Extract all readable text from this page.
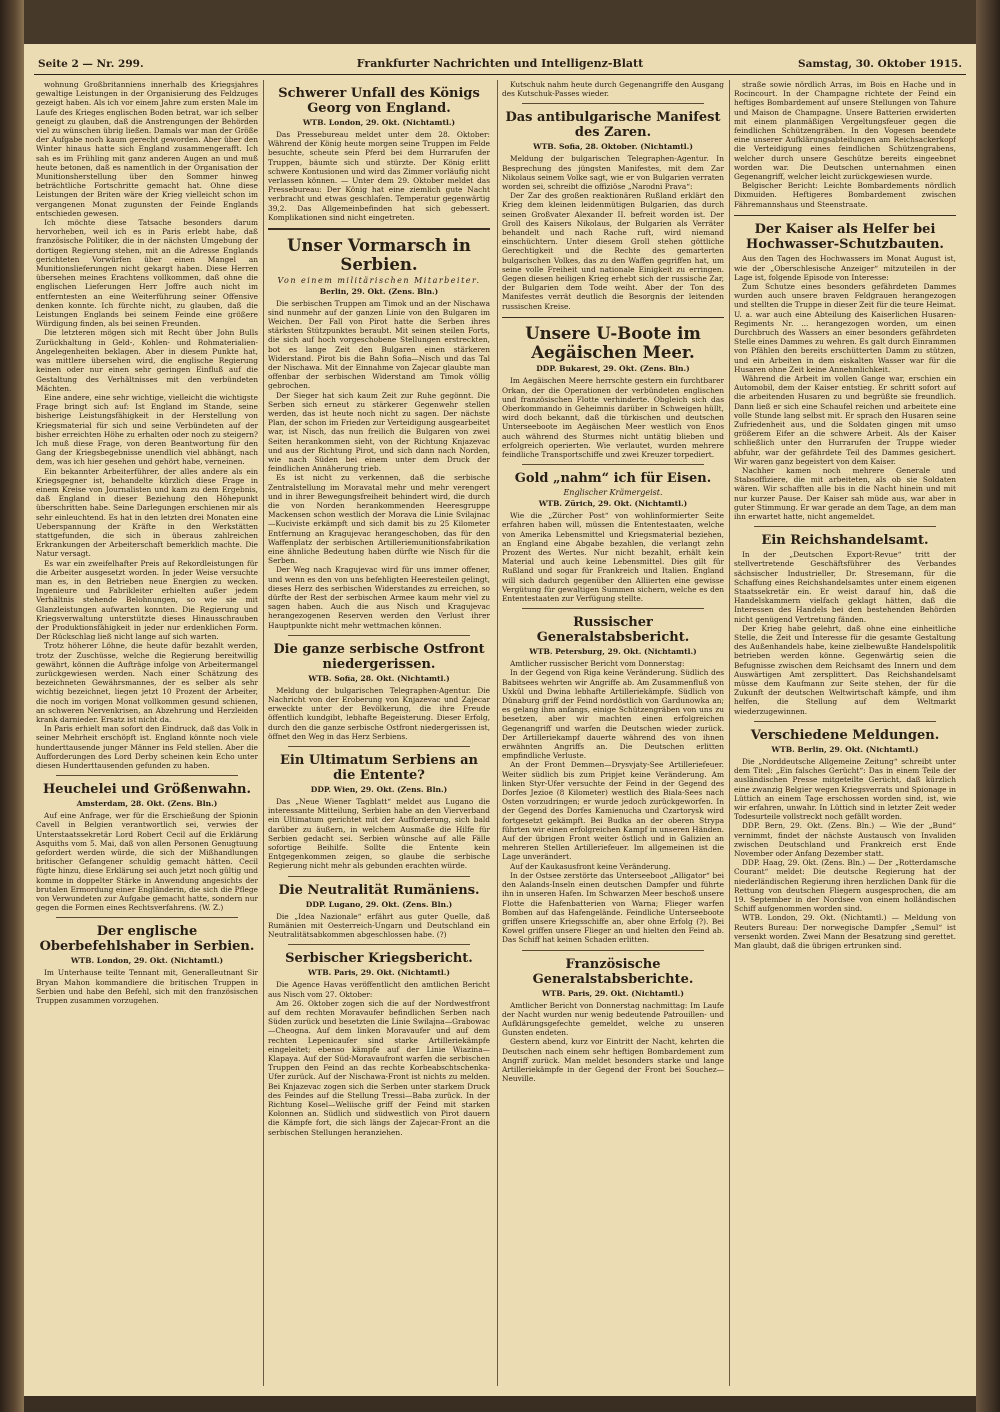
Seite 2 — Nr. 299.	Frankfurter Nachrichten und Intelligenz-Blatt	Samstag, 30. Oktober 1915.

wohnung Großbritanniens innerhalb des Kriegsjahres gewaltige Leistungen in der Organisierung des Feldzuges gezeigt haben. Als ich vor einem Jahre zum ersten Male im Laufe des Krieges englischen Boden betrat, war ich selber geneigt zu glauben, daß die Anstrengungen der Behörden viel zu wünschen übrig ließen. Damals war man der Größe der Aufgabe noch kaum gerecht geworden. Aber über den Winter hinaus hatte sich England zusammengerafft. Ich sah es im Frühling mit ganz anderen Augen an und muß heute betonen, daß es namentlich in der Organisation der Munitionsherstellung über den Sommer hinweg beträchtliche Fortschritte gemacht hat. Ohne diese Leistungen der Briten wäre der Krieg vielleicht schon im vergangenen Monat zugunsten der Feinde Englands entschieden gewesen.

Ich möchte diese Tatsache besonders darum hervorheben, weil ich es in Paris erlebt habe, daß französische Politiker, die in der nächsten Umgebung der dortigen Regierung stehen, mit an die Adresse Englands gerichteten Vorwürfen über einen Mangel an Munitionslieferungen nicht gekargt haben. Diese Herren übersehen meines Erachtens vollkommen, daß ohne die englischen Lieferungen Herr Joffre auch nicht im entferntesten an eine Weiterführung seiner Offensive denken konnte. Ich fürchte nicht, zu glauben, daß die Leistungen Englands bei seinem Feinde eine größere Würdigung finden, als bei seinen Freunden.

Die letzteren mögen sich mit Recht über John Bulls Zurückhaltung in Geld-, Kohlen- und Rohmaterialien-Angelegenheiten beklagen. Aber in diesem Punkte hat, was mittlere übersehen wird, die englische Regierung keinen oder nur einen sehr geringen Einfluß auf die Gestaltung des Verhältnisses mit den verbündeten Mächten.

Eine andere, eine sehr wichtige, vielleicht die wichtigste Frage bringt sich auf: Ist England im Stande, seine bisherige Leistungsfähigkeit in der Herstellung von Kriegsmaterial für sich und seine Verbündeten auf der bisher erreichten Höhe zu erhalten oder noch zu steigern? Ich muß diese Frage, von deren Beantwortung für den Gang der Kriegsbegebnisse unendlich viel abhängt, nach dem, was ich hier gesehen und gehört habe, verneinen.

Ein bekannter Arbeiterführer, der alles andere als ein Kriegsgegner ist, behandelte kürzlich diese Frage in einem Kreise von Journalisten und kam zu dem Ergebnis, daß England in dieser Beziehung den Höhepunkt überschritten habe. Seine Darlegungen erschienen mir als sehr einleuchtend. Es hat in den letzten drei Monaten eine Ueberspannung der Kräfte in den Werkstätten stattgefunden, die sich in überaus zahlreichen Erkrankungen der Arbeiterschaft bemerklich machte. Die Natur versagt.

Es war ein zweifelhafter Preis auf Rekordleistungen für die Arbeiter ausgesetzt worden. In jeder Weise versuchte man es, in den Betrieben neue Energien zu wecken. Ingenieure und Fabrikleiter erhielten außer jedem Verhältnis stehende Belohnungen, so wie sie mit Glanzleistungen aufwarten konnten. Die Regierung und Kriegsverwaltung unterstützte dieses Hinausschrauben der Produktionsfähigkeit in jeder nur erdenklichen Form. Der Rückschlag ließ nicht lange auf sich warten.

Trotz höherer Löhne, die heute dafür bezahlt werden, trotz der Zuschüsse, welche die Regierung bereitwillig gewährt, können die Aufträge infolge von Arbeitermangel zurückgewiesen werden. Nach einer Schätzung des bezeichneten Gewährsmannes, der es selber als sehr wichtig bezeichnet, liegen jetzt 10 Prozent der Arbeiter, die noch im vorigen Monat vollkommen gesund schienen, an schweren Nervenkrisen, an Abzehrung und Herzleiden krank darnieder. Ersatz ist nicht da.

In Paris erhielt man sofort den Eindruck, daß das Volk in seiner Mehrheit erschöpft ist. England könnte noch viele hunderttausende junger Männer ins Feld stellen. Aber die Aufforderungen des Lord Derby scheinen kein Echo unter diesen Hunderttausenden gefunden zu haben.

Heuchelei und Größenwahn.
Amsterdam, 28. Okt. (Zens. Bln.)

Auf eine Anfrage, wer für die Erschießung der Spionin Cavell in Belgien verantwortlich sei, verwies der Unterstaatssekretär Lord Robert Cecil auf die Erklärung Asquiths vom 5. Mai, daß von allen Personen Genugtuung gefordert werden würde, die sich der Mißhandlungen britischer Gefangener schuldig gemacht hätten. Cecil fügte hinzu, diese Erklärung sei auch jetzt noch gültig und komme in doppelter Stärke in Anwendung angesichts der brutalen Ermordung einer Engländerin, die sich die Pflege von Verwundeten zur Aufgabe gemacht hatte, sondern nur gegen die Formen eines Rechtsverfahrens. (W. Z.)

Der englische Oberbefehlshaber in Serbien.
WTB. London, 29. Okt. (Nichtamtl.)

Im Unterhause teilte Tennant mit, Generalleutnant Sir Bryan Mahon kommandiere die britischen Truppen in Serbien und habe den Befehl, sich mit den französischen Truppen zusammen vorzugehen.

Schwerer Unfall des Königs Georg von England.
WTB. London, 29. Okt. (Nichtamtl.)

Das Pressebureau meldet unter dem 28. Oktober: Während der König heute morgen seine Truppen im Felde besuchte, scheute sein Pferd bei dem Hurrarufen der Truppen, bäumte sich und stürzte. Der König erlitt schwere Kontusionen und wird das Zimmer vorläufig nicht verlassen können. — Unter dem 29. Oktober meldet das Pressebureau: Der König hat eine ziemlich gute Nacht verbracht und etwas geschlafen. Temperatur gegenwärtig 39,2. Das Allgemeinbefinden hat sich gebessert. Komplikationen sind nicht eingetreten.

Unser Vormarsch in Serbien.
Von einem militärischen Mitarbeiter.
Berlin, 29. Okt. (Zens. Bln.)

Die serbischen Truppen am Timok und an der Nischawa sind nunmehr auf der ganzen Linie von den Bulgaren im Weichen. Der Fall von Pirot hatte die Serben ihres stärksten Stützpunktes beraubt. Mit seinen steilen Forts, die sich auf hoch vorgeschobene Stellungen erstreckten, bot es lange Zeit den Bulgaren einen stärkeren Widerstand. Pirot bis die Bahn Sofia—Nisch und das Tal der Nischawa. Mit der Einnahme von Zajecar glaubte man offenbar der serbischen Widerstand am Timok völlig gebrochen.

Der Sieger hat sich kaum Zeit zur Ruhe gegönnt. Die Serben sich erneut zu stärkerer Gegenwehr stellen werden, das ist heute noch nicht zu sagen. Der nächste Plan, der schon im Frieden zur Verteidigung ausgearbeitet war, ist Nisch, das nun freilich die Bulgaren von zwei Seiten herankommen sieht, von der Richtung Knjazevac und aus der Richtung Pirot, und sich dann nach Norden, wie nach Süden bei einem unter dem Druck der feindlichen Annäherung trieb.

Es ist nicht zu verkennen, daß die serbische Zentralstellung im Moravatal mehr und mehr verengert und in ihrer Bewegungsfreiheit behindert wird, die durch die von Norden herankommenden Heeresgruppe Mackensen schon westlich der Morava die Linie Svilajnac—Kuciviste erkämpft und sich damit bis zu 25 Kilometer Entfernung an Kragujevac herangeschoben, das für den Waffenplatz der serbischen Artilleriemunitionsfabrikation eine ähnliche Bedeutung haben dürfte wie Nisch für die Serben.

Der Weg nach Kragujevac wird für uns immer offener, und wenn es den von uns befehligten Heeresteilen gelingt, dieses Herz des serbischen Widerstandes zu erreichen, so dürfte der Rest der serbischen Armee kaum mehr viel zu sagen haben. Auch die aus Nisch und Kragujevac herangezogenen Reserven werden den Verlust ihrer Hauptpunkte nicht mehr wettmachen können.

Die ganze serbische Ostfront niedergerissen.
WTB. Sofia, 28. Okt. (Nichtamtl.)

Meldung der bulgarischen Telegraphen-Agentur. Die Nachricht von der Eroberung von Knjazevac und Zajecar erweckte unter der Bevölkerung, die ihre Freude öffentlich kundgibt, lebhafte Begeisterung. Dieser Erfolg, durch den die ganze serbische Ostfront niedergerissen ist, öffnet den Weg in das Herz Serbiens.

Ein Ultimatum Serbiens an die Entente?
DDP. Wien, 29. Okt. (Zens. Bln.)

Das „Neue Wiener Tagblatt“ meldet aus Lugano die interessante Mitteilung, Serbien habe an den Vierverband ein Ultimatum gerichtet mit der Aufforderung, sich bald darüber zu äußern, in welchem Ausmaße die Hilfe für Serbien gedacht sei. Serbien wünsche auf alle Fälle sofortige Beihilfe. Sollte die Entente kein Entgegenkommen zeigen, so glaube die serbische Regierung nicht mehr als gebunden erachten würde.

Die Neutralität Rumäniens.
DDP. Lugano, 29. Okt. (Zens. Bln.)

Die „Idea Nazionale“ erfährt aus guter Quelle, daß Rumänien mit Oesterreich-Ungarn und Deutschland ein Neutralitätsabkommen abgeschlossen habe. (?)

Serbischer Kriegsbericht.
WTB. Paris, 29. Okt. (Nichtamtl.)

Die Agence Havas veröffentlicht den amtlichen Bericht aus Nisch vom 27. Oktober:

Am 26. Oktober zogen sich die auf der Nordwestfront auf dem rechten Moravaufer befindlichen Serben nach Süden zurück und besetzten die Linie Swilajna—Grabowac—Cheogna. Auf dem linken Moravaufer und auf dem rechten Lepenicaufer sind starke Artilleriekämpfe eingeleitet; ebenso kämpfe auf der Linie Wiazina—Klapaya. Auf der Süd-Moravaufront warfen die serbischen Truppen den Feind an das rechte Korbeabschtschenka-Ufer zurück. Auf der Nischawa-Front ist nichts zu melden. Bei Knjazevac zogen sich die Serben unter starkem Druck des Feindes auf die Stellung Tressi—Baba zurück. In der Richtung Kosel—Weliische griff der Feind mit starken Kolonnen an. Südlich und südwestlich von Pirot dauern die Kämpfe fort, die sich längs der Zajecar-Front an die serbischen Stellungen heranziehen.

Kutschuk nahm heute durch Gegenangriffe den Ausgang des Kutschuk-Passes wieder.

Das antibulgarische Manifest des Zaren.
WTB. Sofia, 28. Oktober. (Nichtamtl.)

Meldung der bulgarischen Telegraphen-Agentur. In Besprechung des jüngsten Manifestes, mit dem Zar Nikolaus seinem Volke sagt, wie er von Bulgarien verraten worden sei, schreibt die offiziöse „Narodni Prava“:

Der Zar des großen reaktionären Rußland erklärt den Krieg dem kleinen leidenmütigen Bulgarien, das durch seinen Großvater Alexander II. befreit worden ist. Der Groll des Kaisers Nikolaus, der Bulgarien als Verräter behandelt und nach Rache ruft, wird niemand einschüchtern. Unter diesem Groll stehen göttliche Gerechtigkeit und die Rechte des gemarterten bulgarischen Volkes, das zu den Waffen gegriffen hat, um seine volle Freiheit und nationale Einigkeit zu erringen. Gegen diesen heiligen Krieg erhebt sich der russische Zar, der Bulgarien dem Tode weiht. Aber der Ton des Manifestes verrät deutlich die Besorgnis der leitenden russischen Kreise.

Unsere U-Boote im Aegäischen Meer.
DDP. Bukarest, 29. Okt. (Zens. Bln.)

Im Aegäischen Meere herrschte gestern ein furchtbarer Orkan, der die Operationen der verbündeten englischen und französischen Flotte verhinderte. Obgleich sich das Oberkommando in Geheimnis darüber in Schweigen hüllt, wird doch bekannt, daß die türkischen und deutschen Unterseeboote im Aegäischen Meer westlich von Enos auch während des Sturmes nicht untätig blieben und erfolgreich operierten. Wie verlautet, wurden mehrere feindliche Transportschiffe und zwei Kreuzer torpediert.

Gold „nahm“ ich für Eisen.
Englischer Krämergeist.
WTB. Zürich, 29. Okt. (Nichtamtl.)

Wie die „Zürcher Post“ von wohlinformierter Seite erfahren haben will, müssen die Ententestaaten, welche von Amerika Lebensmittel und Kriegsmaterial beziehen, an England eine Abgabe bezahlen, die verlangt zehn Prozent des Wertes. Nur nicht bezahlt, erhält kein Material und auch keine Lebensmittel. Dies gilt für Rußland und sogar für Frankreich und Italien. England will sich dadurch gegenüber den Alliierten eine gewisse Vergütung für gewaltigen Summen sichern, welche es den Ententestaaten zur Verfügung stellte.

Russischer Generalstabsbericht.
WTB. Petersburg, 29. Okt. (Nichtamtl.)

Amtlicher russischer Bericht vom Donnerstag:

In der Gegend von Riga keine Veränderung. Südlich des Babitsees wehrten wir Angriffe ab. Am Zusammenfluß von Uxkül und Dwina lebhafte Artilleriekämpfe. Südlich von Dünaburg griff der Feind nordöstlich von Gardunowka an; es gelang ihm anfangs, einige Schützengräben von uns zu besetzen, aber wir machten einen erfolgreichen Gegenangriff und warfen die Deutschen wieder zurück. Der Artilleriekampf dauerte während des von ihnen erwähnten Angriffs an. Die Deutschen erlitten empfindliche Verluste.

An der Front Demmen—Drysvjaty-See Artilleriefeuer. Weiter südlich bis zum Pripjet keine Veränderung. Am linken Styr-Ufer versuchte der Feind in der Gegend des Dorfes Jezioe (8 Kilometer) westlich des Biala-Sees nach Osten vorzudringen; er wurde jedoch zurückgeworfen. In der Gegend des Dorfes Kamienucha und Czartorysk wird fortgesetzt gekämpft. Bei Budka an der oberen Strypa führten wir einen erfolgreichen Kampf in unseren Händen. Auf der übrigen Front weiter östlich und in Galizien an mehreren Stellen Artilleriefeuer. Im allgemeinen ist die Lage unverändert.

Auf der Kaukasusfront keine Veränderung.

In der Ostsee zerstörte das Unterseeboot „Alligator“ bei den Aalands-Inseln einen deutschen Dampfer und führte ihn in unseren Hafen. Im Schwarzen Meer beschoß unsere Flotte die Hafenbatterien von Warna; Flieger warfen Bomben auf das Hafengelände. Feindliche Unterseeboote griffen unsere Kriegsschiffe an, aber ohne Erfolg (?). Bei Kowel griffen unsere Flieger an und hielten den Feind ab. Das Schiff hat keinen Schaden erlitten.

Französische Generalstabsberichte.
WTB. Paris, 29. Okt. (Nichtamtl.)

Amtlicher Bericht von Donnerstag nachmittag: Im Laufe der Nacht wurden nur wenig bedeutende Patrouillen- und Aufklärungsgefechte gemeldet, welche zu unseren Gunsten endeten.

Gestern abend, kurz vor Eintritt der Nacht, kehrten die Deutschen nach einem sehr heftigen Bombardement zum Angriff zurück. Man meldet besonders starke und lange Artilleriekämpfe in der Gegend der Front bei Souchez—Neuville.

straße sowie nördlich Arras, im Bois en Hache und in Rocincourt. In der Champagne richtete der Feind ein heftiges Bombardement auf unsere Stellungen von Tahure und Maison de Champagne. Unsere Batterien erwiderten mit einem planmäßigen Vergeltungsfeuer gegen die feindlichen Schützengräben. In den Vogesen beendete eine unserer Aufklärungsabteilungen am Reichsackerkopf die Verteidigung eines feindlichen Schützengrabens, welcher durch unsere Geschütze bereits eingeebnet worden war. Die Deutschen unternahmen einen Gegenangriff, welcher leicht zurückgewiesen wurde.

Belgischer Bericht: Leichte Bombardements nördlich Dixmuiden. Heftigeres Bombardement zwischen Fähremannshaus und Steenstraate.

Der Kaiser als Helfer bei Hochwasser-Schutzbauten.

Aus den Tagen des Hochwassers im Monat August ist, wie der „Oberschlesische Anzeiger“ mitzuteilen in der Lage ist, folgende Episode von Interesse:

Zum Schutze eines besonders gefährdeten Dammes wurden auch unsere braven Feldgrauen herangezogen und stellten die Truppe in dieser Zeit für die teure Heimat. U. a. war auch eine Abteilung des Kaiserlichen Husaren-Regiments Nr. ... herangezogen worden, um einen Durchbruch des Wassers an einer besonders gefährdeten Stelle eines Dammes zu wehren. Es galt durch Einrammen von Pfählen den bereits erschütterten Damm zu stützen, und ein Arbeiten in dem eiskalten Wasser war für die Husaren ohne Zeit keine Annehmlichkeit.

Während die Arbeit im vollen Gange war, erschien ein Automobil, dem der Kaiser entstieg. Er schritt sofort auf die arbeitenden Husaren zu und begrüßte sie freundlich. Dann ließ er sich eine Schaufel reichen und arbeitete eine volle Stunde lang selbst mit. Er sprach den Husaren seine Zufriedenheit aus, und die Soldaten gingen mit umso größerem Eifer an die schwere Arbeit. Als der Kaiser schließlich unter den Hurrarufen der Truppe wieder abfuhr, war der gefährdete Teil des Dammes gesichert. Wir waren ganz begeistert von dem Kaiser.

Nachher kamen noch mehrere Generale und Stabsoffiziere, die mit arbeiteten, als ob sie Soldaten wären. Wir schafften alle bis in die Nacht hinein und mit nur kurzer Pause. Der Kaiser sah müde aus, war aber in guter Stimmung. Er war gerade an dem Tage, an dem man ihn erwartet hatte, nicht angemeldet.

Ein Reichshandelsamt.

In der „Deutschen Export-Revue“ tritt der stellvertretende Geschäftsführer des Verbandes sächsischer Industrieller, Dr. Stresemann, für die Schaffung eines Reichshandelsamtes unter einem eigenen Staatssekretär ein. Er weist darauf hin, daß die Handelskammern vielfach geklagt hätten, daß die Interessen des Handels bei den bestehenden Behörden nicht genügend Vertretung fänden.

Der Krieg habe gelehrt, daß ohne eine einheitliche Stelle, die Zeit und Interesse für die gesamte Gestaltung des Außenhandels habe, keine zielbewußte Handelspolitik betrieben werden könne. Gegenwärtig seien die Befugnisse zwischen dem Reichsamt des Innern und dem Auswärtigen Amt zersplittert. Das Reichshandelsamt müsse dem Kaufmann zur Seite stehen, der für die Zukunft der deutschen Weltwirtschaft kämpfe, und ihm helfen, die Stellung auf dem Weltmarkt wiederzugewinnen.

Verschiedene Meldungen.
WTB. Berlin, 29. Okt. (Nichtamtl.)

Die „Norddeutsche Allgemeine Zeitung“ schreibt unter dem Titel: „Ein falsches Gerücht“: Das in einem Teile der ausländischen Presse mitgeteilte Gerücht, daß kürzlich eine zwanzig Belgier wegen Kriegsverrats und Spionage in Lüttich an einem Tage erschossen worden sind, ist, wie wir erfahren, unwahr. In Lüttich sind in letzter Zeit weder Todesurteile vollstreckt noch gefällt worden.

DDP. Bern, 29. Okt. (Zens. Bln.) — Wie der „Bund“ vernimmt, findet der nächste Austausch von Invaliden zwischen Deutschland und Frankreich erst Ende November oder Anfang Dezember statt.

DDP. Haag, 29. Okt. (Zens. Bln.) — Der „Rotterdamsche Courant“ meldet: Die deutsche Regierung hat der niederländischen Regierung ihren herzlichen Dank für die Rettung von deutschen Fliegern ausgesprochen, die am 19. September in der Nordsee von einem holländischen Schiff aufgenommen worden sind.

WTB. London, 29. Okt. (Nichtamtl.) — Meldung von Reuters Bureau: Der norwegische Dampfer „Semul“ ist versenkt worden. Zwei Mann der Besatzung sind gerettet. Man glaubt, daß die übrigen ertrunken sind.
